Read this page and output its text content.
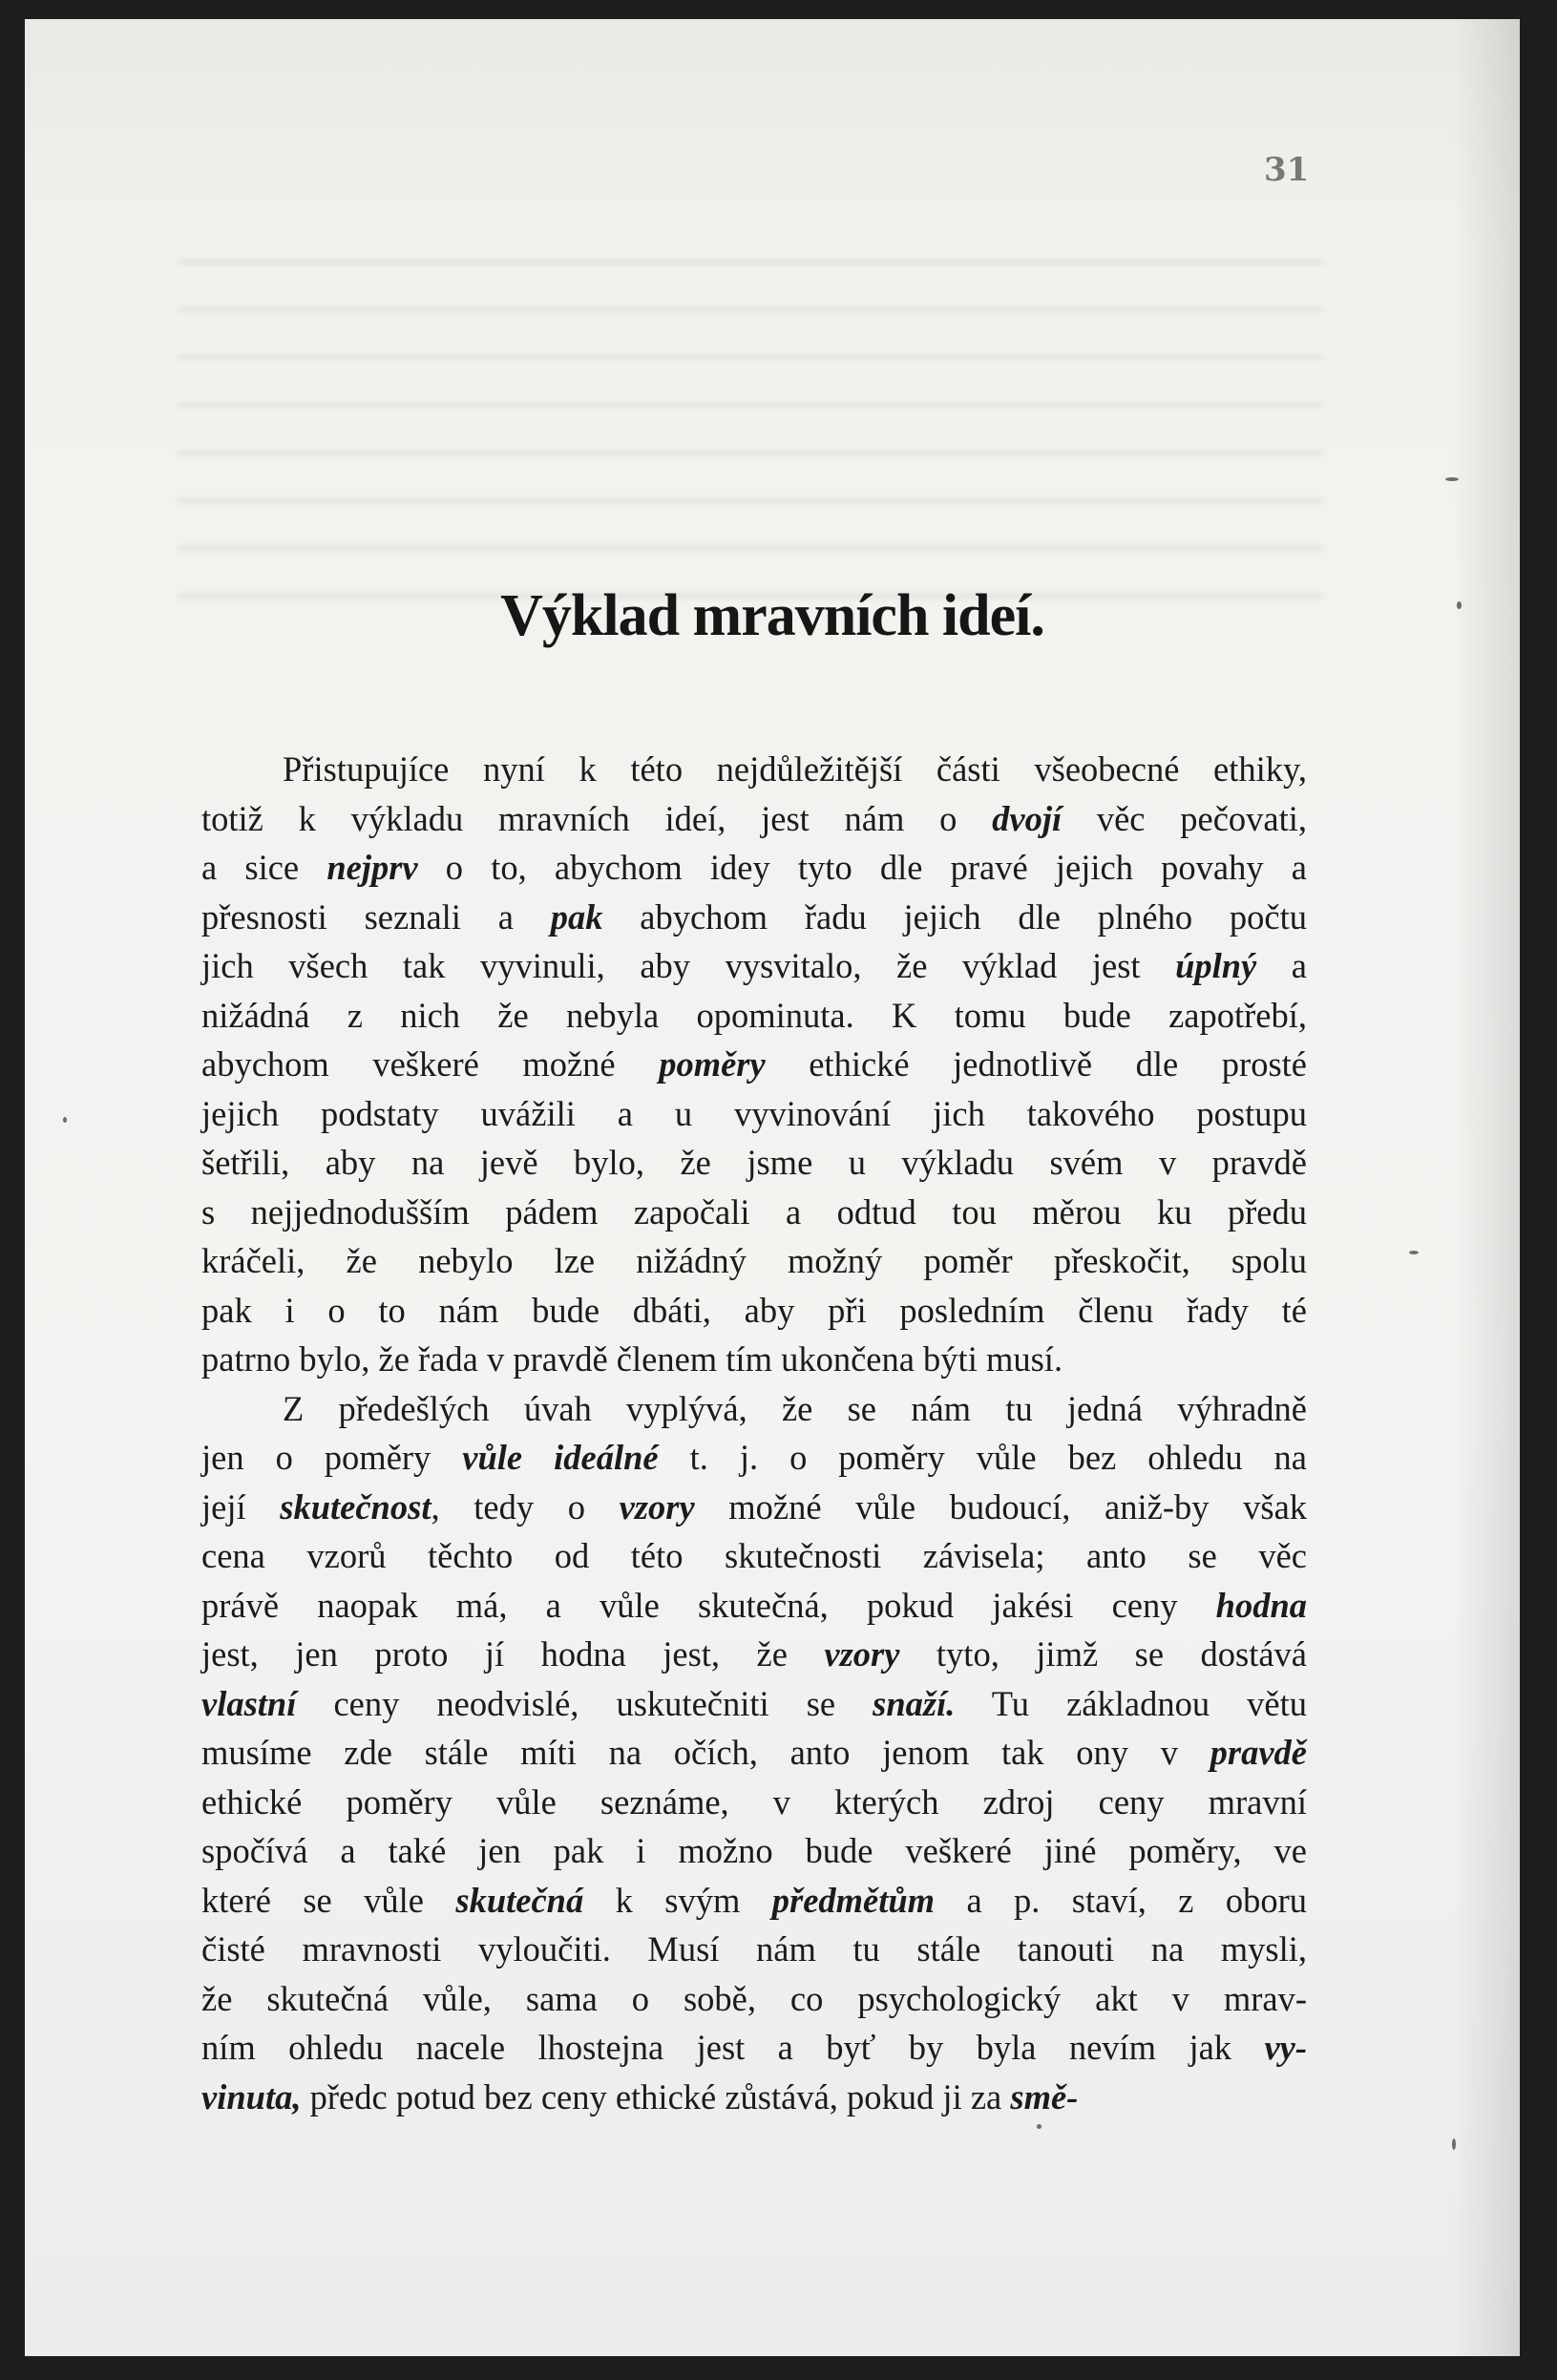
31
Výklad mravních ideí.
Přistupujíce nyní k této nejdůležitější části všeobecné ethiky,
totiž k výkladu mravních ideí, jest nám o dvojí věc pečovati,
a sice nejprv o to, abychom idey tyto dle pravé jejich povahy a
přesnosti seznali a pak abychom řadu jejich dle plného počtu
jich všech tak vyvinuli, aby vysvitalo, že výklad jest úplný a
nižádná z nich že nebyla opominuta. K tomu bude zapotřebí,
abychom veškeré možné poměry ethické jednotlivě dle prosté
jejich podstaty uvážili a u vyvinování jich takového postupu
šetřili, aby na jevě bylo, že jsme u výkladu svém v pravdě
s nejjednodušším pádem započali a odtud tou měrou ku předu
kráčeli, že nebylo lze nižádný možný poměr přeskočit, spolu
pak i o to nám bude dbáti, aby při posledním členu řady té
patrno bylo, že řada v pravdě členem tím ukončena býti musí.
Z předešlých úvah vyplývá, že se nám tu jedná výhradně
jen o poměry vůle ideálné t. j. o poměry vůle bez ohledu na
její skutečnost, tedy o vzory možné vůle budoucí, aniž-by však
cena vzorů těchto od této skutečnosti závisela; anto se věc
právě naopak má, a vůle skutečná, pokud jakési ceny hodna
jest, jen proto jí hodna jest, že vzory tyto, jimž se dostává
vlastní ceny neodvislé, uskutečniti se snaží. Tu základnou větu
musíme zde stále míti na očích, anto jenom tak ony v pravdě
ethické poměry vůle seznáme, v kterých zdroj ceny mravní
spočívá a také jen pak i možno bude veškeré jiné poměry, ve
které se vůle skutečná k svým předmětům a p. staví, z oboru
čisté mravnosti vyloučiti. Musí nám tu stále tanouti na mysli,
že skutečná vůle, sama o sobě, co psychologický akt v mrav-
ním ohledu nacele lhostejna jest a byť by byla nevím jak vy-
vinuta, předc potud bez ceny ethické zůstává, pokud ji za smě-
